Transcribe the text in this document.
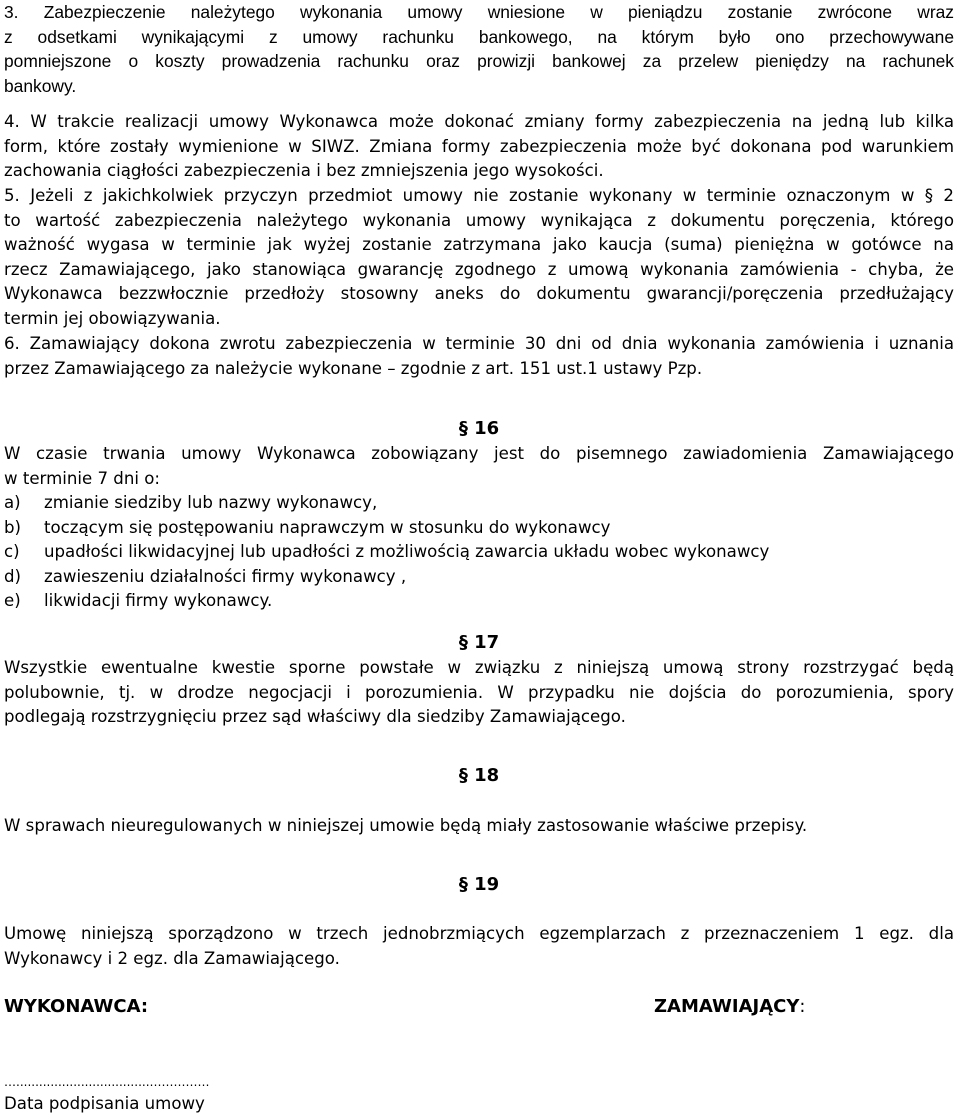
3. Zabezpieczenie należytego wykonania umowy wniesione w pieniądzu zostanie zwrócone wraz
z odsetkami wynikającymi z umowy rachunku bankowego, na którym było ono przechowywane
pomniejszone o koszty prowadzenia rachunku oraz prowizji bankowej za przelew pieniędzy na rachunek
bankowy.
4. W trakcie realizacji umowy Wykonawca może dokonać zmiany formy zabezpieczenia na jedną lub kilka
form, które zostały wymienione w SIWZ. Zmiana formy zabezpieczenia może być dokonana pod warunkiem
zachowania ciągłości zabezpieczenia i bez zmniejszenia jego wysokości.
5. Jeżeli z jakichkolwiek przyczyn przedmiot umowy nie zostanie wykonany w terminie oznaczonym w § 2
to wartość zabezpieczenia należytego wykonania umowy wynikająca z dokumentu poręczenia, którego
ważność wygasa w terminie jak wyżej zostanie zatrzymana jako kaucja (suma) pieniężna w gotówce na
rzecz Zamawiającego, jako stanowiąca gwarancję zgodnego z umową wykonania zamówienia - chyba, że
Wykonawca bezzwłocznie przedłoży stosowny aneks do dokumentu gwarancji/poręczenia przedłużający
termin jej obowiązywania.
6. Zamawiający dokona zwrotu zabezpieczenia w terminie 30 dni od dnia wykonania zamówienia i uznania
przez Zamawiającego za należycie wykonane – zgodnie z art. 151 ust.1 ustawy Pzp.
§ 16
W czasie trwania umowy Wykonawca zobowiązany jest do pisemnego zawiadomienia Zamawiającego
w terminie 7 dni o:
a) zmianie siedziby lub nazwy wykonawcy,
b) toczącym się postępowaniu naprawczym w stosunku do wykonawcy
c) upadłości likwidacyjnej lub upadłości z możliwością zawarcia układu wobec wykonawcy
d) zawieszeniu działalności firmy wykonawcy ,
e) likwidacji firmy wykonawcy.
§ 17
Wszystkie ewentualne kwestie sporne powstałe w związku z niniejszą umową strony rozstrzygać będą
polubownie, tj. w drodze negocjacji i porozumienia. W przypadku nie dojścia do porozumienia, spory
podlegają rozstrzygnięciu przez sąd właściwy dla siedziby Zamawiającego.
§ 18
W sprawach nieuregulowanych w niniejszej umowie będą miały zastosowanie właściwe przepisy.
§ 19
Umowę niniejszą sporządzono w trzech jednobrzmiących egzemplarzach z przeznaczeniem 1 egz. dla
Wykonawcy i 2 egz. dla Zamawiającego.
WYKONAWCA:	ZAMAWIAJĄCY:
…...................................……………
Data podpisania umowy
